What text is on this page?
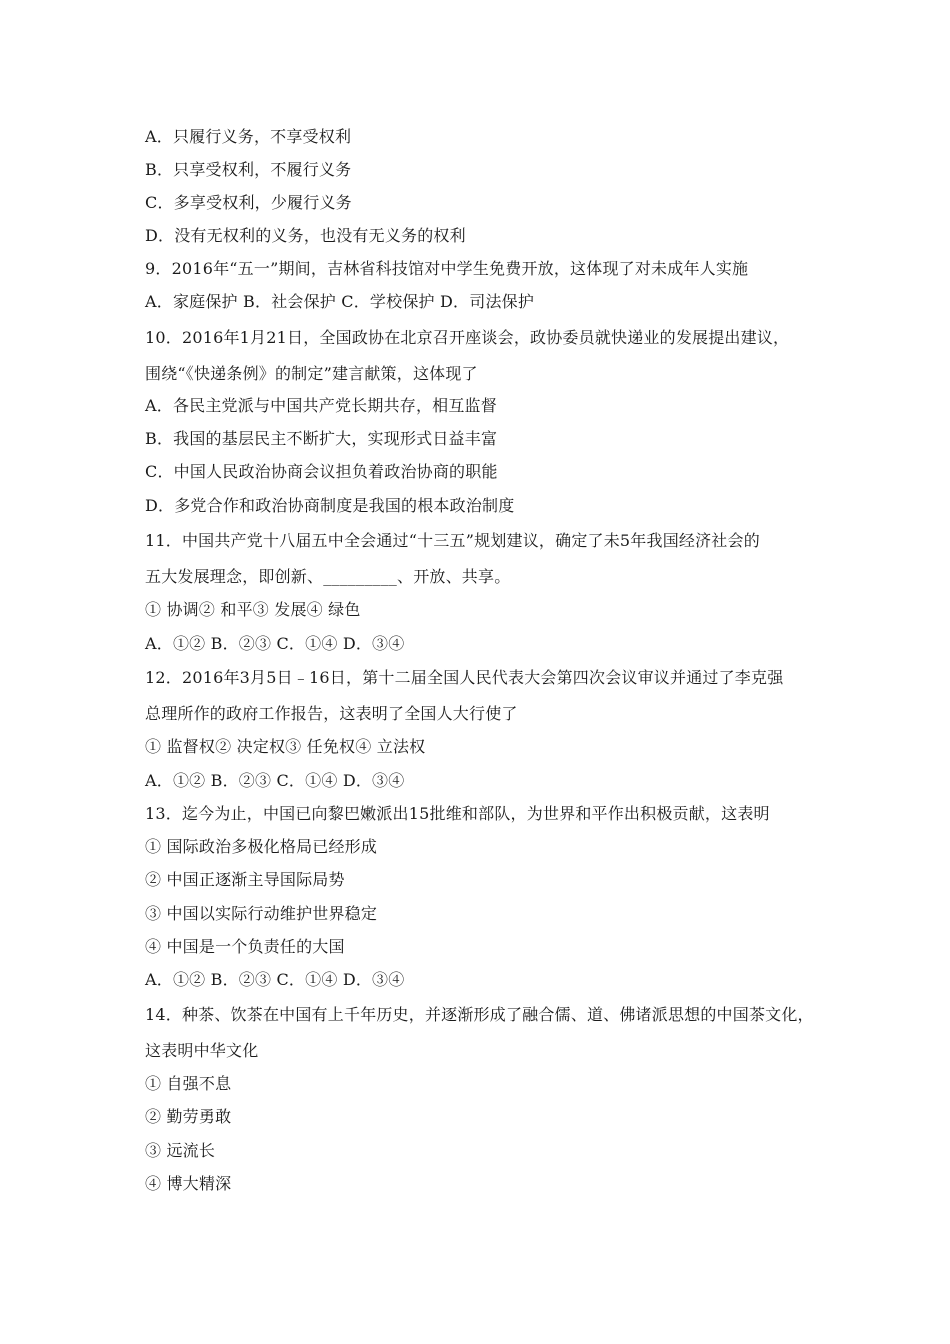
A．只履行义务，不享受权利
B．只享受权利，不履行义务
C．多享受权利，少履行义务
D．没有无权利的义务，也没有无义务的权利
9．2016年“五一”期间，吉林省科技馆对中学生免费开放，这体现了对未成年人实施
A．家庭保护 B．社会保护 C．学校保护 D．司法保护
10．2016年1月21日，全国政协在北京召开座谈会，政协委员就快递业的发展提出建议，
围绕“《快递条例》的制定”建言献策，这体现了
A．各民主党派与中国共产党长期共存，相互监督
B．我国的基层民主不断扩大，实现形式日益丰富
C．中国人民政治协商会议担负着政治协商的职能
D．多党合作和政治协商制度是我国的根本政治制度
11．中国共产党十八届五中全会通过“十三五”规划建议，确定了未5年我国经济社会的
五大发展理念，即创新、_________、开放、共享。
① 协调② 和平③ 发展④ 绿色
A．①② B．②③ C．①④ D．③④
12．2016年3月5日﹣16日，第十二届全国人民代表大会第四次会议审议并通过了李克强
总理所作的政府工作报告，这表明了全国人大行使了
① 监督权② 决定权③ 任免权④ 立法权
A．①② B．②③ C．①④ D．③④
13．迄今为止，中国已向黎巴嫩派出15批维和部队，为世界和平作出积极贡献，这表明
① 国际政治多极化格局已经形成
② 中国正逐渐主导国际局势
③ 中国以实际行动维护世界稳定
④ 中国是一个负责任的大国
A．①② B．②③ C．①④ D．③④
14．种茶、饮茶在中国有上千年历史，并逐渐形成了融合儒、道、佛诸派思想的中国茶文化，
这表明中华文化
① 自强不息
② 勤劳勇敢
③ 远流长
④ 博大精深
